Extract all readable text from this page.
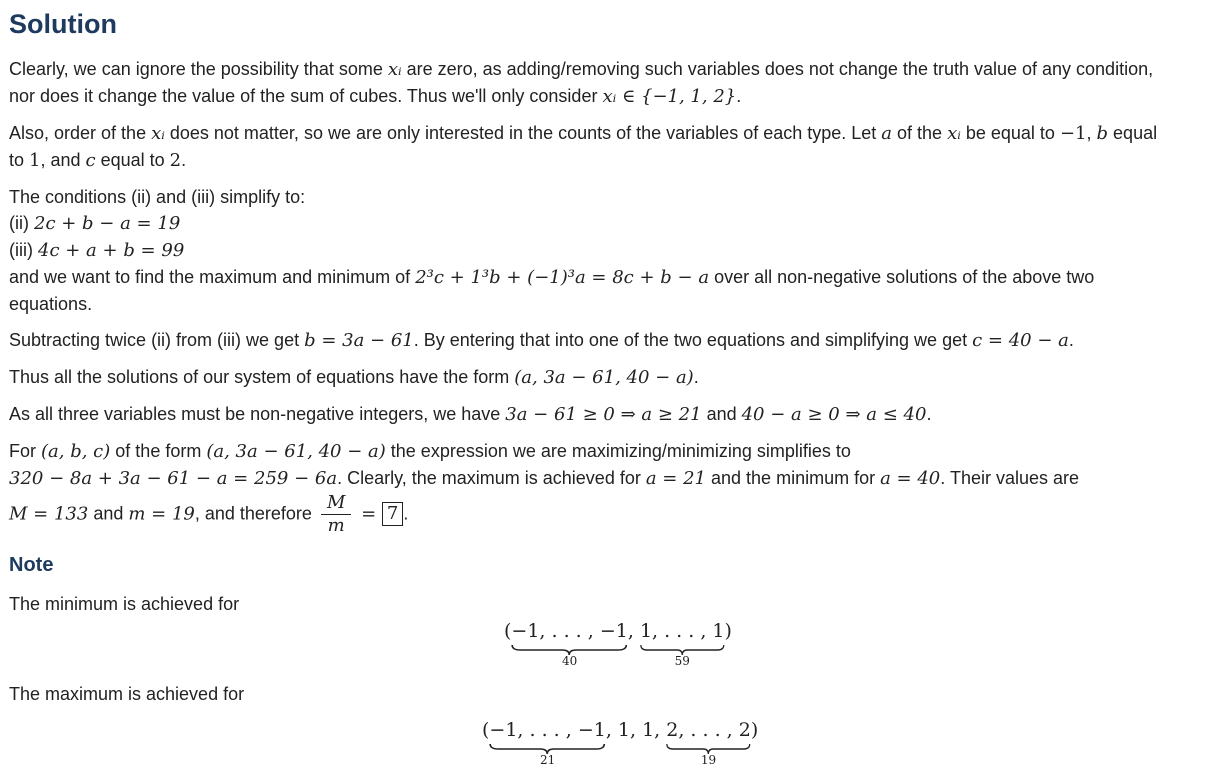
Solution

Clearly, we can ignore the possibility that some xᵢ are zero, as adding/removing such variables does not change the truth value of any condition,
nor does it change the value of the sum of cubes. Thus we'll only consider xᵢ ∈ {−1, 1, 2}.

Also, order of the xᵢ does not matter, so we are only interested in the counts of the variables of each type. Let a of the xᵢ be equal to −1, b equal
to 1, and c equal to 2.

The conditions (ii) and (iii) simplify to:
(ii) 2c + b − a = 19
(iii) 4c + a + b = 99
and we want to find the maximum and minimum of 2³c + 1³b + (−1)³a = 8c + b − a over all non-negative solutions of the above two
equations.

Subtracting twice (ii) from (iii) we get b = 3a − 61. By entering that into one of the two equations and simplifying we get c = 40 − a.

Thus all the solutions of our system of equations have the form (a, 3a − 61, 40 − a).

As all three variables must be non-negative integers, we have 3a − 61 ≥ 0 ⇒ a ≥ 21 and 40 − a ≥ 0 ⇒ a ≤ 40.

For (a, b, c) of the form (a, 3a − 61, 40 − a) the expression we are maximizing/minimizing simplifies to
320 − 8a + 3a − 61 − a = 259 − 6a. Clearly, the maximum is achieved for a = 21 and the minimum for a = 40. Their values are
M = 133 and m = 19, and therefore $\frac{M}{m} = 7$ .

Note

The minimum is achieved for

(−1, . . . , −1
40
, 1, . . . , 1
59
)

The maximum is achieved for

(−1, . . . , −1
21
, 1, 1, 2, . . . , 2
19
)
